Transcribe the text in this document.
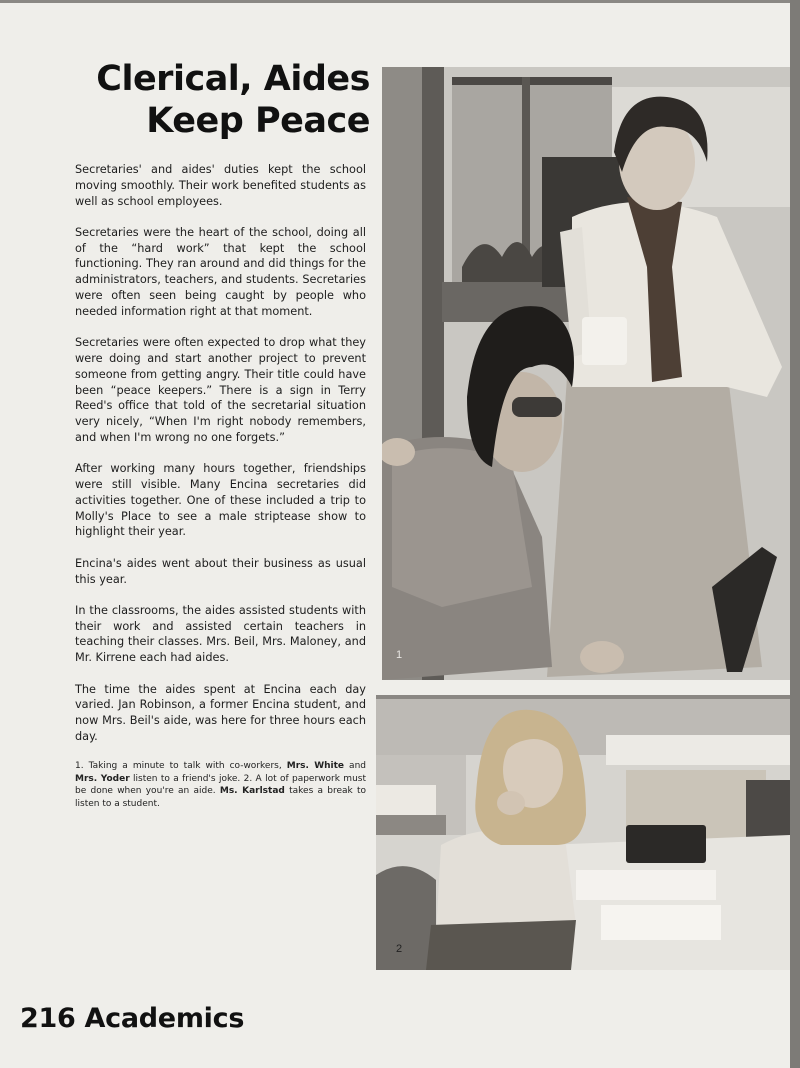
Clerical, Aides
Keep Peace

Secretaries' and aides' duties kept the school moving smoothly. Their work benefited students as well as school employees.

Secretaries were the heart of the school, doing all of the “hard work” that kept the school functioning. They ran around and did things for the administrators, teachers, and students. Secretaries were often seen being caught by people who needed information right at that moment.

Secretaries were often expected to drop what they were doing and start another project to prevent someone from getting angry. Their title could have been “peace keepers.” There is a sign in Terry Reed's office that told of the secretarial situation very nicely, “When I'm right nobody remembers, and when I'm wrong no one forgets.”

After working many hours together, friendships were still visible. Many Encina secretaries did activities together. One of these included a trip to Molly's Place to see a male striptease show to highlight their year.

Encina's aides went about their business as usual this year.

In the classrooms, the aides assisted students with their work and assisted certain teachers in teaching their classes. Mrs. Beil, Mrs. Maloney, and Mr. Kirrene each had aides.

The time the aides spent at Encina each day varied. Jan Robinson, a former Encina student, and now Mrs. Beil's aide, was here for three hours each day.

1. Taking a minute to talk with co-workers, Mrs. White and Mrs. Yoder listen to a friend's joke. 2. A lot of paperwork must be done when you're an aide. Ms. Karlstad takes a break to listen to a student.
1
2
216 Academics
